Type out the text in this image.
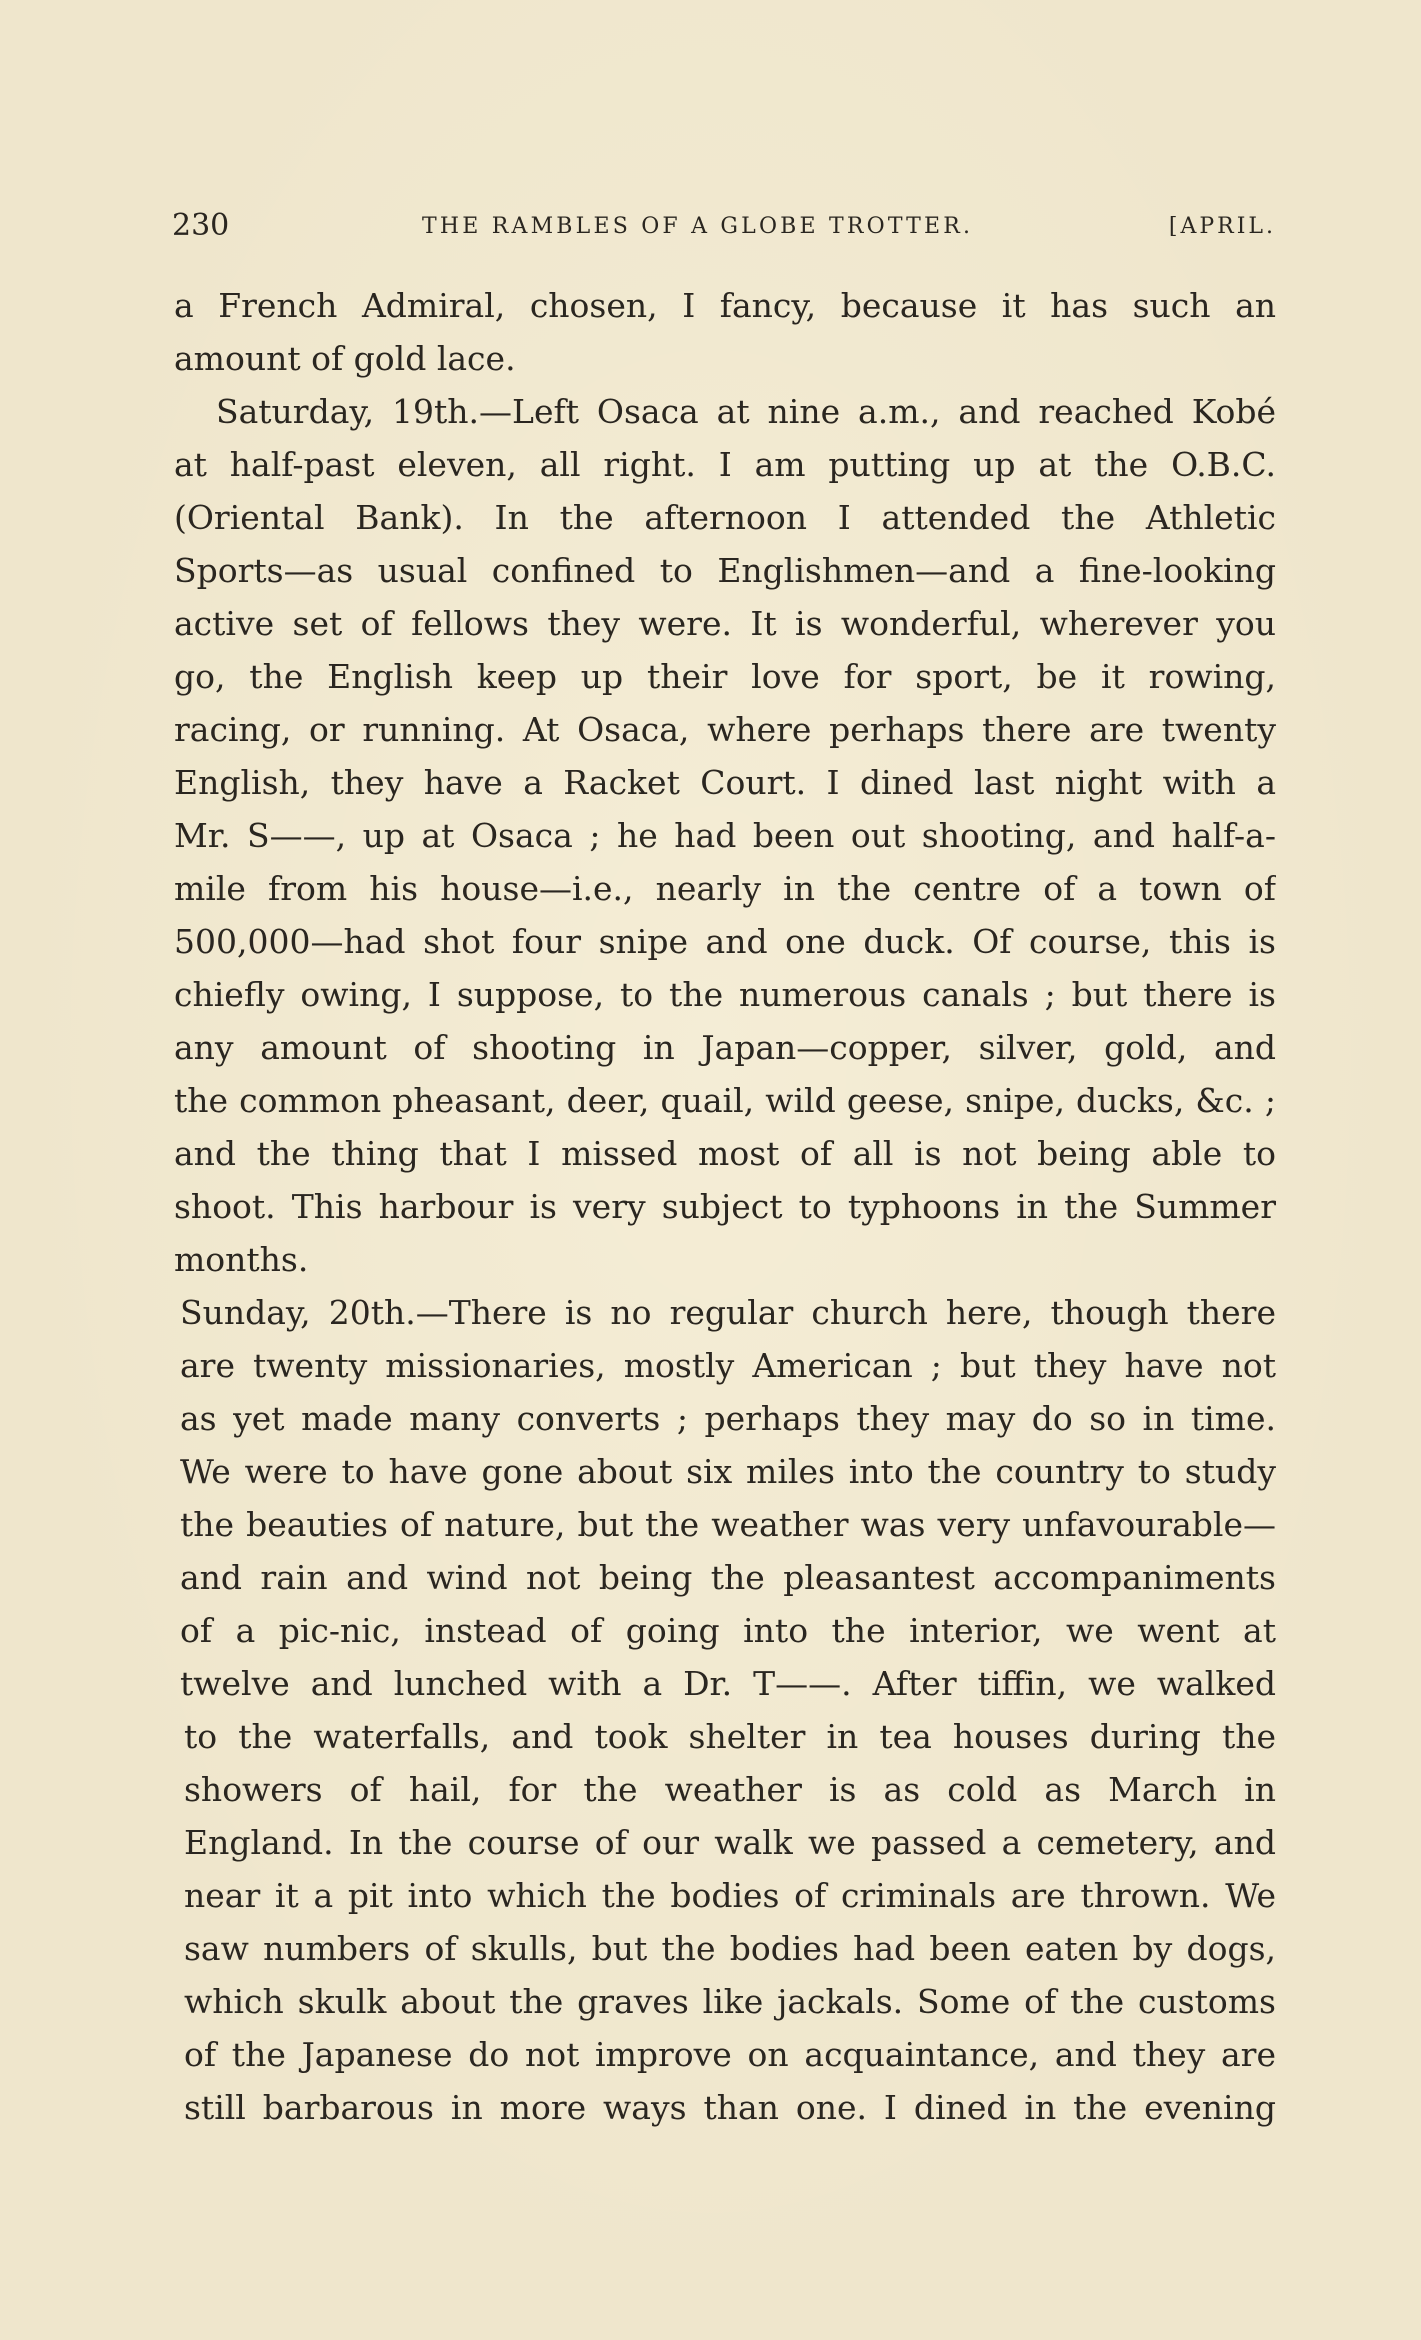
230	THE RAMBLES OF A GLOBE TROTTER.	[APRIL.
a French Admiral, chosen, I fancy, because it has such an
amount of gold lace.
Saturday, 19th.—Left Osaca at nine a.m., and reached Kobé
at half-past eleven, all right. I am putting up at the O.B.C.
(Oriental Bank). In the afternoon I attended the Athletic
Sports—as usual confined to Englishmen—and a fine-looking
active set of fellows they were. It is wonderful, wherever you
go, the English keep up their love for sport, be it rowing,
racing, or running. At Osaca, where perhaps there are twenty
English, they have a Racket Court. I dined last night with a
Mr. S——, up at Osaca ; he had been out shooting, and half-a-
mile from his house—i.e., nearly in the centre of a town of
500,000—had shot four snipe and one duck. Of course, this is
chiefly owing, I suppose, to the numerous canals ; but there is
any amount of shooting in Japan—copper, silver, gold, and
the common pheasant, deer, quail, wild geese, snipe, ducks, &c. ;
and the thing that I missed most of all is not being able to
shoot. This harbour is very subject to typhoons in the Summer
months.
Sunday, 20th.—There is no regular church here, though there
are twenty missionaries, mostly American ; but they have not
as yet made many converts ; perhaps they may do so in time.
We were to have gone about six miles into the country to study
the beauties of nature, but the weather was very unfavourable—
and rain and wind not being the pleasantest accompaniments
of a pic-nic, instead of going into the interior, we went at
twelve and lunched with a Dr. T——. After tiffin, we walked
to the waterfalls, and took shelter in tea houses during the
showers of hail, for the weather is as cold as March in
England. In the course of our walk we passed a cemetery, and
near it a pit into which the bodies of criminals are thrown. We
saw numbers of skulls, but the bodies had been eaten by dogs,
which skulk about the graves like jackals. Some of the customs
of the Japanese do not improve on acquaintance, and they are
still barbarous in more ways than one. I dined in the evening
